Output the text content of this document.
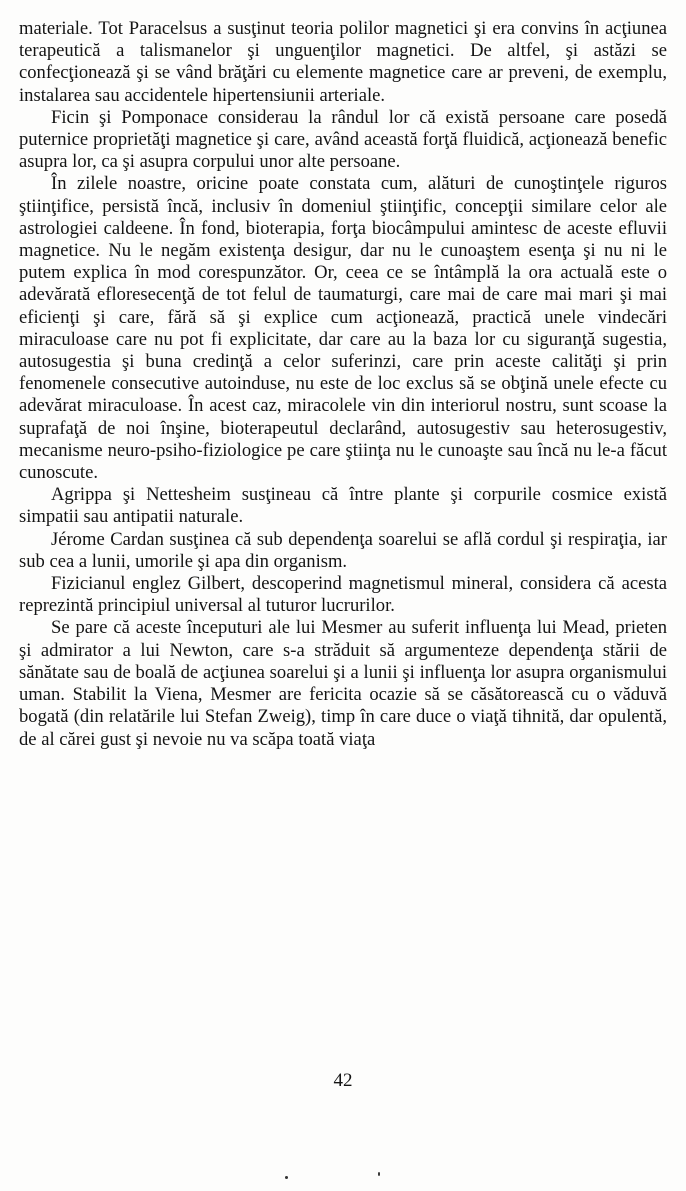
materiale. Tot Paracelsus a susţinut teoria polilor magnetici şi era convins în acţiunea terapeutică a talismanelor şi unguenţilor magnetici. De altfel, şi astăzi se confecţionează şi se vând brăţări cu elemente magnetice care ar preveni, de exemplu, instalarea sau accidentele hipertensiunii arteriale.

Ficin şi Pomponace considerau la rândul lor că există persoane care posedă puternice proprietăţi magnetice şi care, având această forţă fluidică, acţionează benefic asupra lor, ca şi asupra corpului unor alte persoane.

În zilele noastre, oricine poate constata cum, alături de cunoştinţele riguros ştiinţifice, persistă încă, inclusiv în domeniul ştiinţific, concepţii similare celor ale astrologiei caldeene. În fond, bioterapia, forţa biocâmpului amintesc de aceste efluvii magnetice. Nu le negăm existenţa desigur, dar nu le cunoaştem esenţa şi nu ni le putem explica în mod corespunzător. Or, ceea ce se întâmplă la ora actuală este o adevărată efloresecenţă de tot felul de taumaturgi, care mai de care mai mari şi mai eficienţi şi care, fără să şi explice cum acţionează, practică unele vindecări miraculoase care nu pot fi explicitate, dar care au la baza lor cu siguranţă sugestia, autosugestia şi buna credinţă a celor suferinzi, care prin aceste calităţi şi prin fenomenele consecutive autoinduse, nu este de loc exclus să se obţină unele efecte cu adevărat miraculoase. În acest caz, miracolele vin din interiorul nostru, sunt scoase la suprafaţă de noi înşine, bioterapeutul declarând, autosugestiv sau heterosugestiv, mecanisme neuro-psiho-fiziologice pe care ştiinţa nu le cunoaşte sau încă nu le-a făcut cunoscute.

Agrippa şi Nettesheim susţineau că între plante şi corpurile cosmice există simpatii sau antipatii naturale.

Jérome Cardan susţinea că sub dependenţa soarelui se află cordul şi respiraţia, iar sub cea a lunii, umorile şi apa din organism.

Fizicianul englez Gilbert, descoperind magnetismul mineral, considera că acesta reprezintă principiul universal al tuturor lucrurilor.

Se pare că aceste începuturi ale lui Mesmer au suferit influenţa lui Mead, prieten şi admirator a lui Newton, care s-a străduit să argumenteze dependenţa stării de sănătate sau de boală de acţiunea soarelui şi a lunii şi influenţa lor asupra organismului uman. Stabilit la Viena, Mesmer are fericita ocazie să se căsătorească cu o văduvă bogată (din relatările lui Stefan Zweig), timp în care duce o viaţă tihnită, dar opulentă, de al cărei gust şi nevoie nu va scăpa toată viaţa

42
